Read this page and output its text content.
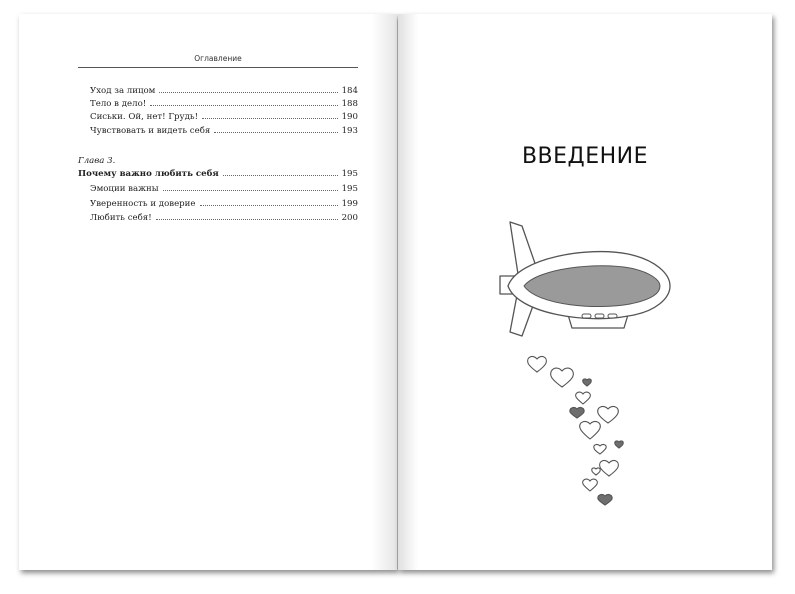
Оглавление
Уход за лицом	184
Тело в дело!	188
Сиськи. Ой, нет! Грудь!	190
Чувствовать и видеть себя	193
Глава 3.
Почему важно любить себя	195
Эмоции важны	195
Уверенность и доверие	199
Любить себя!	200
ВВЕДЕНИЕ
